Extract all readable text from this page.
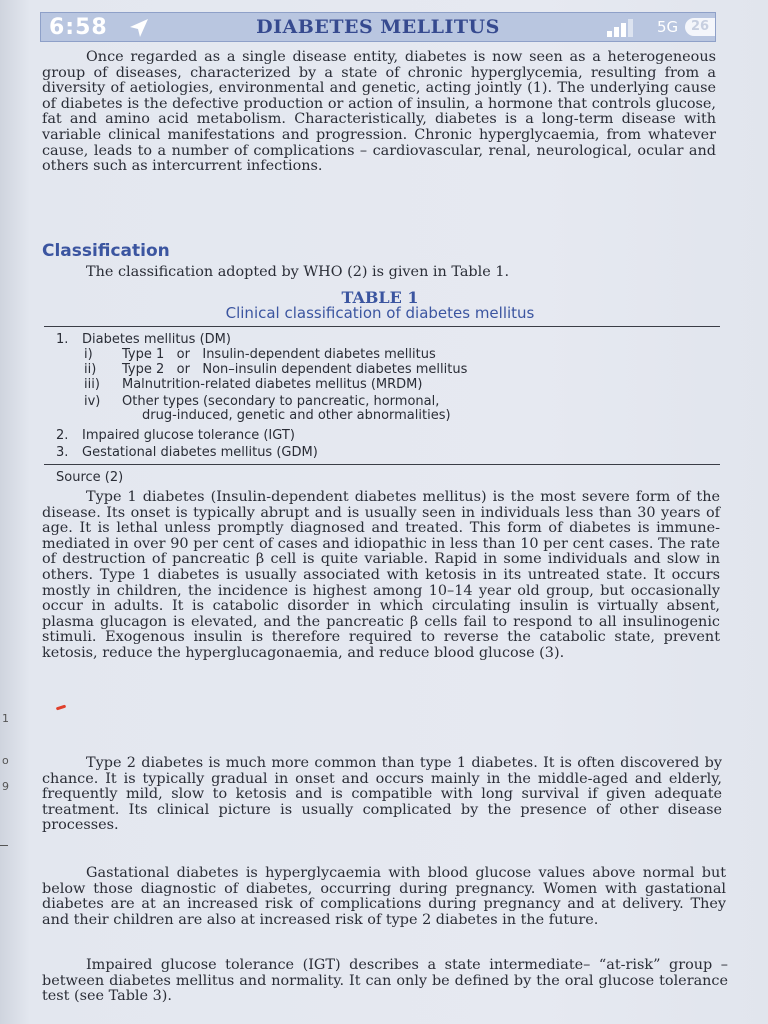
6:58	DIABETES MELLITUS	5G 26

Once regarded as a single disease entity, diabetes is now seen as a heterogeneous group of diseases, characterized by a state of chronic hyperglycemia, resulting from a diversity of aetiologies, environmental and genetic, acting jointly (1). The underlying cause of diabetes is the defective production or action of insulin, a hormone that controls glucose, fat and amino acid metabolism. Characteristically, diabetes is a long-term disease with variable clinical manifestations and progression. Chronic hyperglycaemia, from whatever cause, leads to a number of complications – cardiovascular, renal, neurological, ocular and others such as intercurrent infections.

Classification

The classification adopted by WHO (2) is given in Table 1.

TABLE 1
Clinical classification of diabetes mellitus
1. Diabetes mellitus (DM)
i) Type 1   or   Insulin-dependent diabetes mellitus
ii) Type 2   or   Non–insulin dependent diabetes mellitus
iii) Malnutrition-related diabetes mellitus (MRDM)
iv) Other types (secondary to pancreatic, hormonal,
drug-induced, genetic and other abnormalities)
2. Impaired glucose tolerance (IGT)
3. Gestational diabetes mellitus (GDM)
Source (2)

Type 1 diabetes (Insulin-dependent diabetes mellitus) is the most severe form of the disease. Its onset is typically abrupt and is usually seen in individuals less than 30 years of age. It is lethal unless promptly diagnosed and treated. This form of diabetes is immune-mediated in over 90 per cent of cases and idiopathic in less than 10 per cent cases. The rate of destruction of pancreatic β cell is quite variable. Rapid in some individuals and slow in others. Type 1 diabetes is usually associated with ketosis in its untreated state. It occurs mostly in children, the incidence is highest among 10–14 year old group, but occasionally occur in adults. It is catabolic disorder in which circulating insulin is virtually absent, plasma glucagon is elevated, and the pancreatic β cells fail to respond to all insulinogenic stimuli. Exogenous insulin is therefore required to reverse the catabolic state, prevent ketosis, reduce the hyperglucagonaemia, and reduce blood glucose (3).

Type 2 diabetes is much more common than type 1 diabetes. It is often discovered by chance. It is typically gradual in onset and occurs mainly in the middle-aged and elderly, frequently mild, slow to ketosis and is compatible with long survival if given adequate treatment. Its clinical picture is usually complicated by the presence of other disease processes.

Gastational diabetes is hyperglycaemia with blood glucose values above normal but below those diagnostic of diabetes, occurring during pregnancy. Women with gastational diabetes are at an increased risk of complications during pregnancy and at delivery. They and their children are also at increased risk of type 2 diabetes in the future.

Impaired glucose tolerance (IGT) describes a state intermediate– “at-risk” group – between diabetes mellitus and normality. It can only be defined by the oral glucose tolerance test (see Table 3).

1
o
9
